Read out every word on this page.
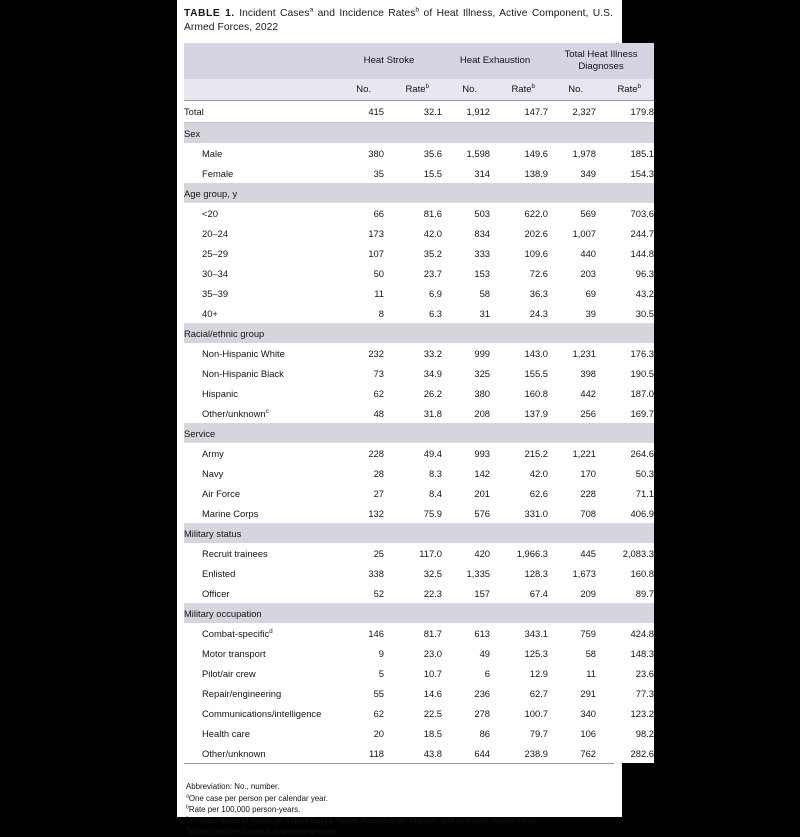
TABLE 1. Incident Cases$^a$ and Incidence Rates$^b$ of Heat Illness, Active Component, U.S. Armed Forces, 2022
	Heat Stroke		Heat Exhaustion		Total Heat Illness Diagnoses	
	No.	Rate$^b$	No.	Rate$^b$	No.	Rate$^b$
Total	415	32.1	1,912	147.7	2,327	179.8
Sex						
Male	380	35.6	1,598	149.6	1,978	185.1
Female	35	15.5	314	138.9	349	154.3
Age group, y						
<20	66	81.6	503	622.0	569	703.6
20–24	173	42.0	834	202.6	1,007	244.7
25–29	107	35.2	333	109.6	440	144.8
30–34	50	23.7	153	72.6	203	96.3
35–39	11	6.9	58	36.3	69	43.2
40+	8	6.3	31	24.3	39	30.5
Racial/ethnic group						
Non-Hispanic White	232	33.2	999	143.0	1,231	176.3
Non-Hispanic Black	73	34.9	325	155.5	398	190.5
Hispanic	62	26.2	380	160.8	442	187.0
Other/unknown$^c$	48	31.8	208	137.9	256	169.7
Service						
Army	228	49.4	993	215.2	1,221	264.6
Navy	28	8.3	142	42.0	170	50.3
Air Force	27	8.4	201	62.6	228	71.1
Marine Corps	132	75.9	576	331.0	708	406.9
Military status						
Recruit trainees	25	117.0	420	1,966.3	445	2,083.3
Enlisted	338	32.5	1,335	128.3	1,673	160.8
Officer	52	22.3	157	67.4	209	89.7
Military occupation						
Combat-specific$^d$	146	81.7	613	343.1	759	424.8
Motor transport	9	23.0	49	125.3	58	148.3
Pilot/air crew	5	10.7	6	12.9	11	23.6
Repair/engineering	55	14.6	236	62.7	291	77.3
Communications/intelligence	62	22.5	278	100.7	340	123.2
Health care	20	18.5	86	79.7	106	98.2
Other/unknown	118	43.8	644	238.9	762	282.6
Abbreviation: No., number.
$^a$One case per person per calendar year.
$^b$Rate per 100,000 person-years.
$^c$Includes those of American Indian/Alaska Native, Asian/Pacific Islander, and unknown race/ethnicity.
$^d$Infantry/artillery/combat engineering/armor.
